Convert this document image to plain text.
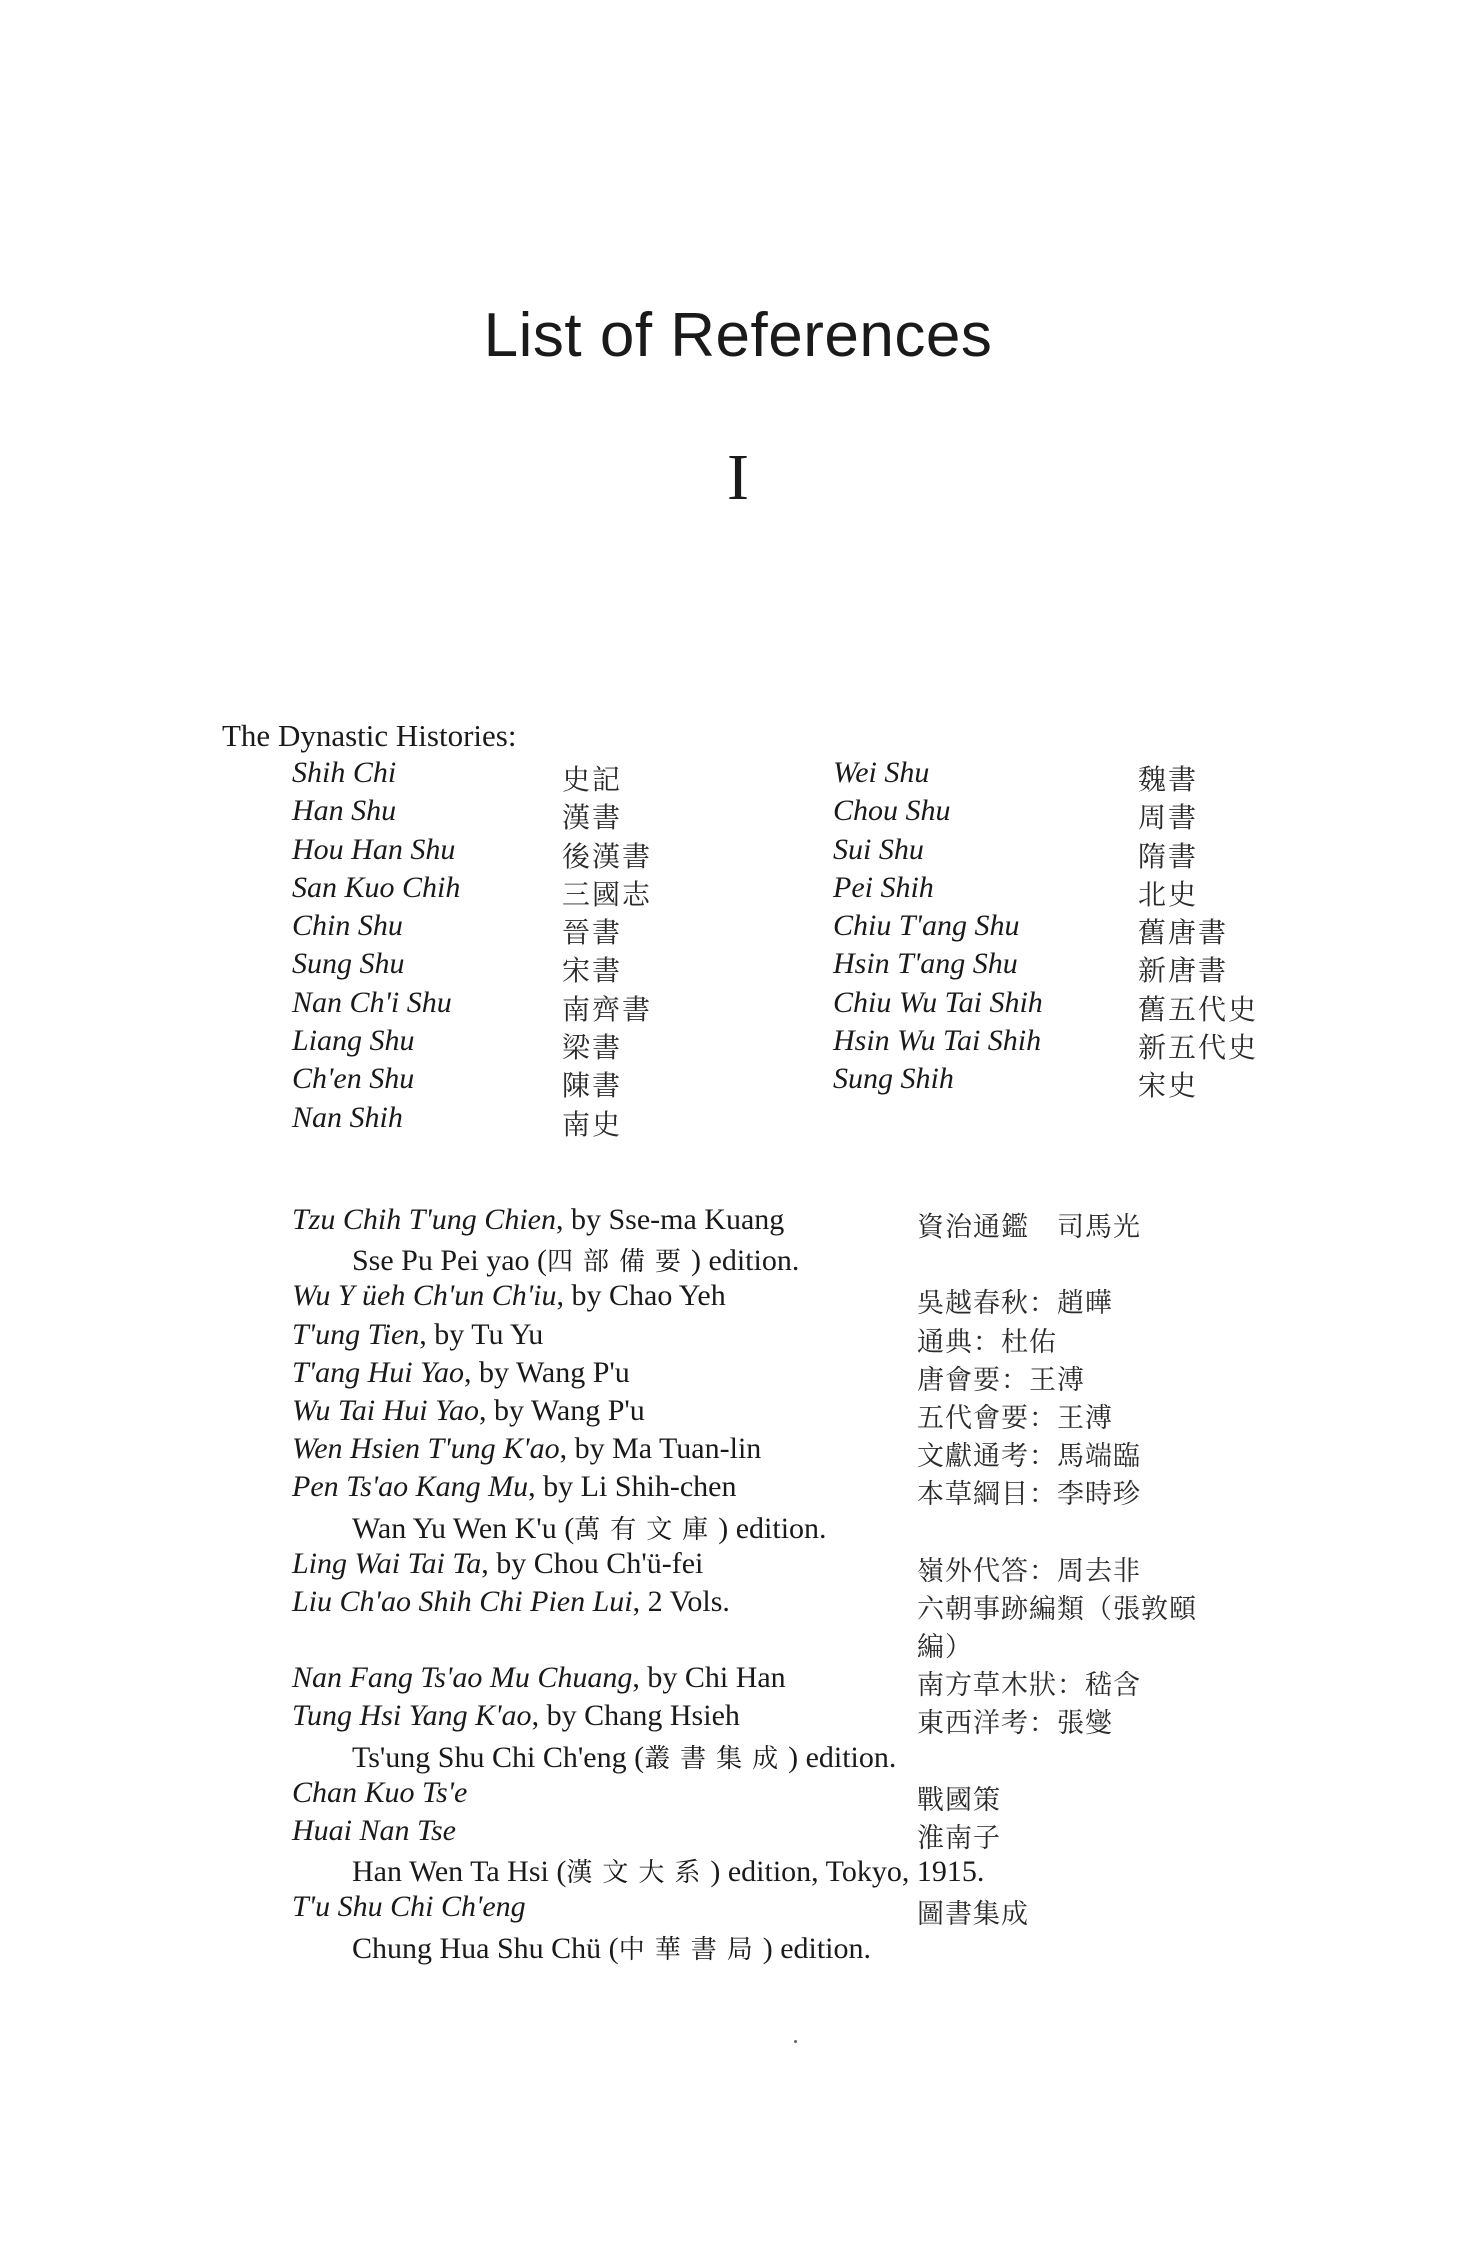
List of References
I
The Dynastic Histories:
Shih Chi	史記
Han Shu	漢書
Hou Han Shu	後漢書
San Kuo Chih	三國志
Chin Shu	晉書
Sung Shu	宋書
Nan Ch'i Shu	南齊書
Liang Shu	梁書
Ch'en Shu	陳書
Nan Shih	南史
Wei Shu	魏書
Chou Shu	周書
Sui Shu	隋書
Pei Shih	北史
Chiu T'ang Shu	舊唐書
Hsin T'ang Shu	新唐書
Chiu Wu Tai Shih	舊五代史
Hsin Wu Tai Shih	新五代史
Sung Shih	宋史
Tzu Chih T'ung Chien, by Sse-ma Kuang	資治通鑑　司馬光
Sse Pu Pei yao (四部備要) edition.
Wu Y üeh Ch'un Ch'iu, by Chao Yeh	吳越春秋：趙曄
T'ung Tien, by Tu Yu	通典：杜佑
T'ang Hui Yao, by Wang P'u	唐會要：王溥
Wu Tai Hui Yao, by Wang P'u	五代會要：王溥
Wen Hsien T'ung K'ao, by Ma Tuan-lin	文獻通考：馬端臨
Pen Ts'ao Kang Mu, by Li Shih-chen	本草綱目：李時珍
Wan Yu Wen K'u (萬有文庫) edition.
Ling Wai Tai Ta, by Chou Ch'ü-fei	嶺外代答：周去非
Liu Ch'ao Shih Chi Pien Lui, 2 Vols.	六朝事跡編類（張敦頤
編）
Nan Fang Ts'ao Mu Chuang, by Chi Han	南方草木狀：嵇含
Tung Hsi Yang K'ao, by Chang Hsieh	東西洋考：張燮
Ts'ung Shu Chi Ch'eng (叢書集成) edition.
Chan Kuo Ts'e	戰國策
Huai Nan Tse	淮南子
Han Wen Ta Hsi (漢文大系) edition, Tokyo, 1915.
T'u Shu Chi Ch'eng	圖書集成
Chung Hua Shu Chü (中華書局) edition.
